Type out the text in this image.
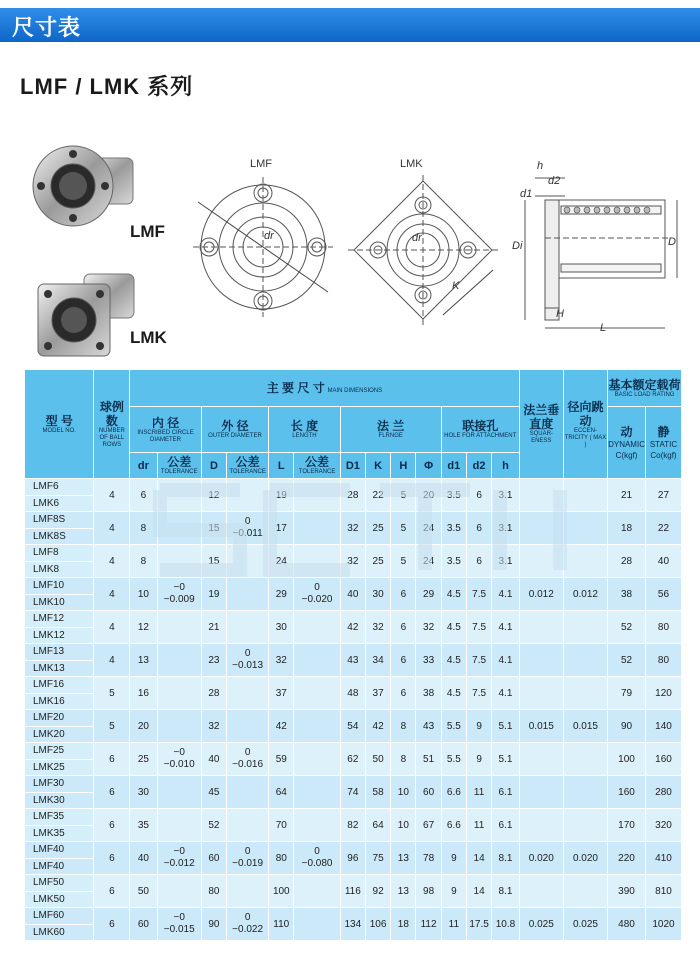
尺寸表
LMF / LMK 系列
LMF
LMK
LMF
dr
LMK
dr
K
h
d1
d2
Di
H
L
D
型 号
MODEL NO.	球例数
NUMBER OF BALL ROWS	主 要 尺 寸 MAIN DIMENSIONS													法兰垂直度
SQUAR-ENESS	径向跳动
ECCEN-TRICITY ( MAX )	基本额定载荷
BASIC LOAD RATING	

		内 径
INSCRIBED CIRCLE DIAMETER		外 径
OUTER DIAMETER		长 度
LENGTH		法 兰
FLRNGE				联接孔
HOLE FOR ATTACHMENT					动
DYNAMIC
C(kgf)	静
STATIC
Co(kgf)

		dr	公差
TOLERANCE	D	公差
TOLERANCE	L	公差
TOLERANCE	D1	K	H	Φ	d1	d2	h				
LMF6	4	6		12		19		28	22	5	20	3.5	6	3.1			21	27
LMK6																		
LMF8S	4	8		15	0
−0.011	17		32	25	5	24	3.5	6	3.1			18	22
LMK8S																		
LMF8	4	8		15		24		32	25	5	24	3.5	6	3.1			28	40
LMK8																		
LMF10	4	10	−0
−0.009	19		29	0
−0.020	40	30	6	29	4.5	7.5	4.1	0.012	0.012	38	56
LMK10																		
LMF12	4	12		21		30		42	32	6	32	4.5	7.5	4.1			52	80
LMK12																		
LMF13	4	13		23	0
−0.013	32		43	34	6	33	4.5	7.5	4.1			52	80
LMK13																		
LMF16	5	16		28		37		48	37	6	38	4.5	7.5	4.1			79	120
LMK16																		
LMF20	5	20		32		42		54	42	8	43	5.5	9	5.1	0.015	0.015	90	140
LMK20																		
LMF25	6	25	−0
−0.010	40	0
−0.016	59		62	50	8	51	5.5	9	5.1			100	160
LMK25																		
LMF30	6	30		45		64		74	58	10	60	6.6	11	6.1			160	280
LMK30																		
LMF35	6	35		52		70		82	64	10	67	6.6	11	6.1			170	320
LMK35																		
LMF40	6	40	−0
−0.012	60	0
−0.019	80	0
−0.080	96	75	13	78	9	14	8.1	0.020	0.020	220	410
LMF40																		
LMF50	6	50		80		100		116	92	13	98	9	14	8.1			390	810
LMK50																		
LMF60	6	60	−0
−0.015	90	0
−0.022	110		134	106	18	112	11	17.5	10.8	0.025	0.025	480	1020
LMK60																		
